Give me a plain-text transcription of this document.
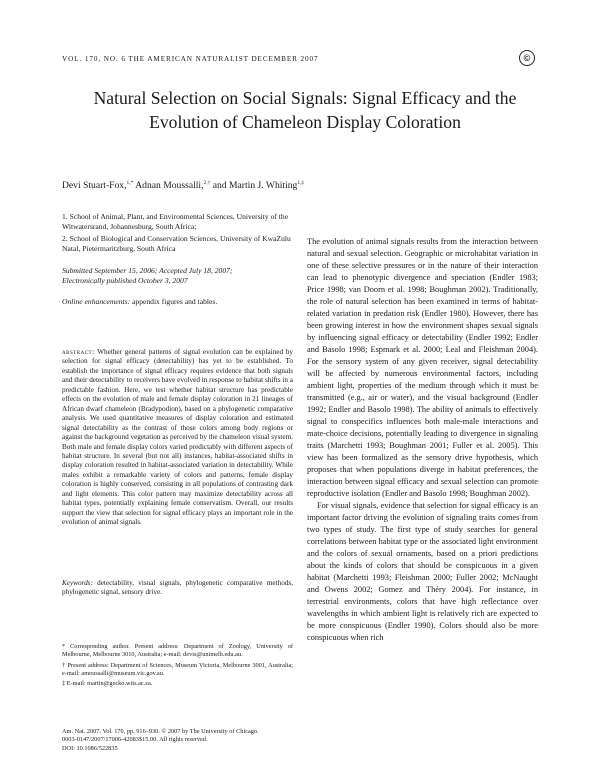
VOL. 170, NO. 6 THE AMERICAN NATURALIST DECEMBER 2007	©
Natural Selection on Social Signals: Signal Efficacy and the Evolution of Chameleon Display Coloration
Devi Stuart-Fox,$^{1,*}$ Adnan Moussalli,$^{2,\dagger}$ and Martin J. Whiting$^{1,\ddagger}$

1. School of Animal, Plant, and Environmental Sciences, University of the Witwatersrand, Johannesburg, South Africa;

2. School of Biological and Conservation Sciences, University of KwaZulu Natal, Pietermaritzburg, South Africa

Submitted September 15, 2006; Accepted July 18, 2007;
Electronically published October 3, 2007
Online enhancements: appendix figures and tables.
abstract: Whether general patterns of signal evolution can be explained by selection for signal efficacy (detectability) has yet to be established. To establish the importance of signal efficacy requires evidence that both signals and their detectability to receivers have evolved in response to habitat shifts in a predictable fashion. Here, we test whether habitat structure has predictable effects on the evolution of male and female display coloration in 21 lineages of African dwarf chameleon (Bradypodion), based on a phylogenetic comparative analysis. We used quantitative measures of display coloration and estimated signal detectability as the contrast of those colors among body regions or against the background vegetation as perceived by the chameleon visual system. Both male and female display colors varied predictably with different aspects of habitat structure. In several (but not all) instances, habitat-associated shifts in display coloration resulted in habitat-associated variation in detectability. While males exhibit a remarkable variety of colors and patterns, female display coloration is highly conserved, consisting in all populations of contrasting dark and light elements. This color pattern may maximize detectability across all habitat types, potentially explaining female conservatism. Overall, our results support the view that selection for signal efficacy plays an important role in the evolution of animal signals.
Keywords: detectability, visual signals, phylogenetic comparative methods, phylogenetic signal, sensory drive.

* Corresponding author. Present address: Department of Zoology, University of Melbourne, Melbourne 3010, Australia; e-mail: devis@unimelb.edu.au.

† Present address: Department of Sciences, Museum Victoria, Melbourne 3001, Australia; e-mail: amoussalli@museum.vic.gov.au.

‡ E-mail: martin@gecko.wits.ac.za.

Am. Nat. 2007. Vol. 170, pp. 916–930. © 2007 by The University of Chicago.

0003-0147/2007/17006-42083$15.00. All rights reserved.

DOI: 10.1086/522835

The evolution of animal signals results from the interaction between natural and sexual selection. Geographic or microhabitat variation in one of these selective pressures or in the nature of their interaction can lead to phenotypic divergence and speciation (Endler 1983; Price 1998; van Doorn et al. 1998; Boughman 2002). Traditionally, the role of natural selection has been examined in terms of habitat-related variation in predation risk (Endler 1980). However, there has been growing interest in how the environment shapes sexual signals by influencing signal efficacy or detectability (Endler 1992; Endler and Basolo 1998; Espmark et al. 2000; Leal and Fleishman 2004). For the sensory system of any given receiver, signal detectability will be affected by numerous environmental factors, including ambient light, properties of the medium through which it must be transmitted (e.g., air or water), and the visual background (Endler 1992; Endler and Basolo 1998). The ability of animals to effectively signal to conspecifics influences both male-male interactions and mate-choice decisions, potentially leading to divergence in signaling traits (Marchetti 1993; Boughman 2001; Fuller et al. 2005). This view has been formalized as the sensory drive hypothesis, which proposes that when populations diverge in habitat preferences, the interaction between signal efficacy and sexual selection can promote reproductive isolation (Endler and Basolo 1998; Boughman 2002).

For visual signals, evidence that selection for signal efficacy is an important factor driving the evolution of signaling traits comes from two types of study. The first type of study searches for general correlations between habitat type or the associated light environment and the colors of sexual ornaments, based on a priori predictions about the kinds of colors that should be conspicuous in a given habitat (Marchetti 1993; Fleishman 2000; Fuller 2002; McNaught and Owens 2002; Gomez and Théry 2004). For instance, in terrestrial environments, colors that have high reflectance over wavelengths in which ambient light is relatively rich are expected to be more conspicuous (Endler 1990). Colors should also be more conspicuous when rich
